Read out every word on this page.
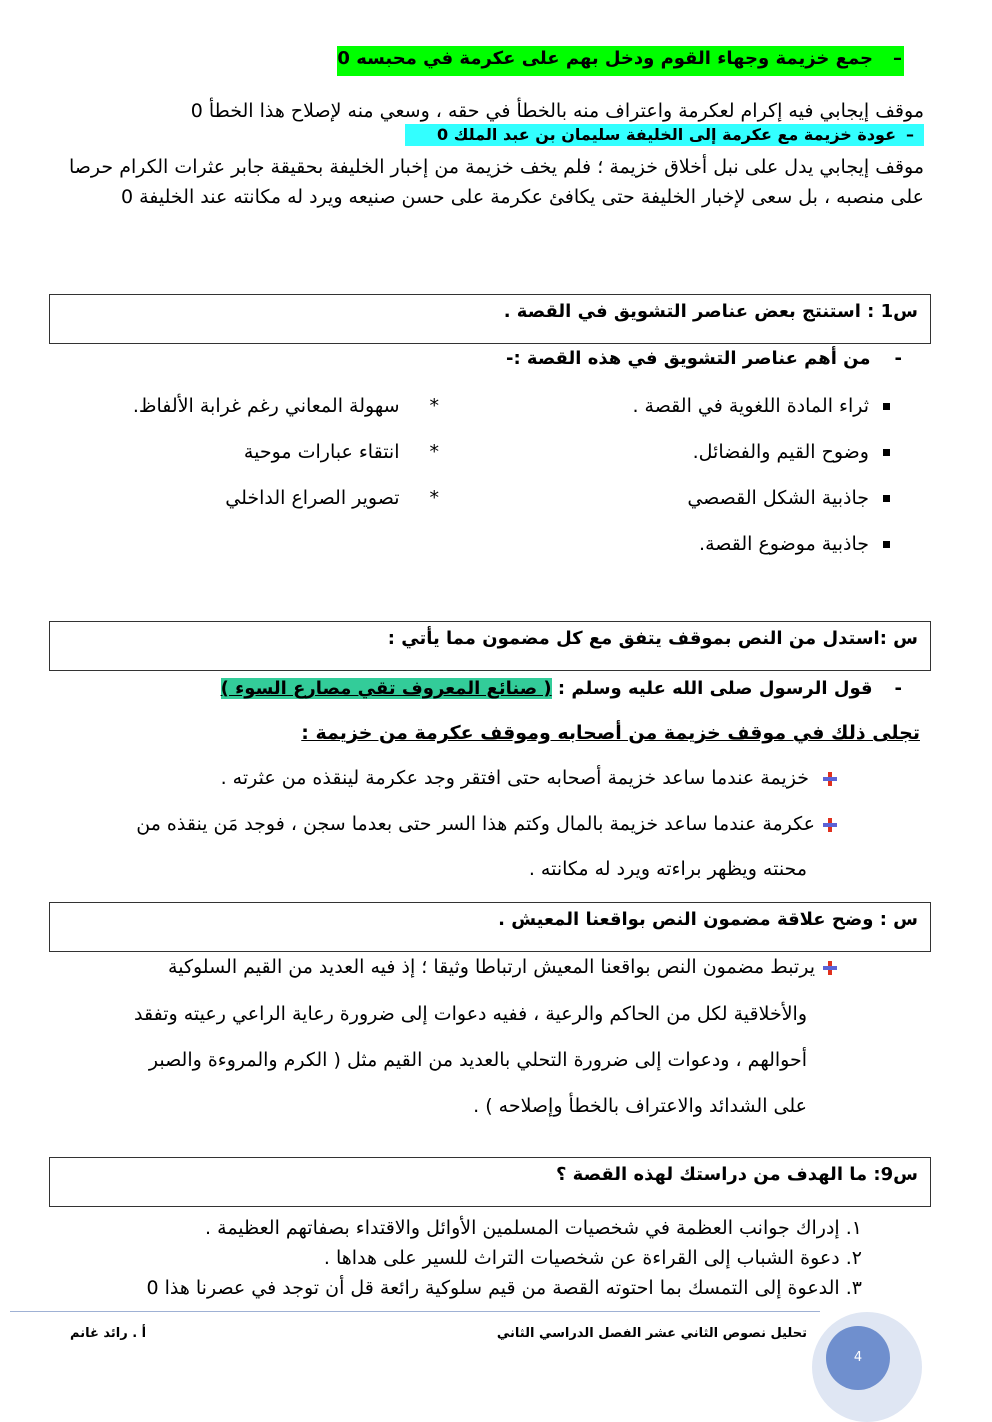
–جمع خزيمة وجهاء القوم ودخل بهم على عكرمة في محبسه 0
موقف إيجابي فيه إكرام لعكرمة واعتراف منه بالخطأ في حقه ، وسعي منه لإصلاح هذا الخطأ 0
–عودة خزيمة مع عكرمة إلى الخليفة سليمان بن عبد الملك 0
موقف إيجابي يدل على نبل أخلاق خزيمة ؛ فلم يخف خزيمة من إخبار الخليفة بحقيقة جابر عثرات الكرام حرصا على منصبه ، بل سعى لإخبار الخليفة حتى يكافئ عكرمة على حسن صنيعه ويرد له مكانته عند الخليفة 0
س1 : استنتج بعض عناصر التشويق في القصة .
-من أهم عناصر التشويق في هذه القصة :-
ثراء المادة اللغوية في القصة .
وضوح القيم والفضائل.
جاذبية الشكل القصصي
جاذبية موضوع القصة.
*سهولة المعاني رغم غرابة الألفاظ.
*انتقاء عبارات موحية
*تصوير الصراع الداخلي
س :استدل من النص بموقف يتفق مع كل مضمون مما يأتي :
-قول الرسول صلى الله عليه وسلم : ( صنائع المعروف تقي مصارع السوء )
تجلى ذلك في موقف خزيمة من أصحابه وموقف عكرمة من خزيمة :
خزيمة عندما ساعد خزيمة أصحابه حتى افتقر وجد عكرمة لينقذه من عثرته .
عكرمة عندما ساعد خزيمة بالمال وكتم هذا السر حتى بعدما سجن ، فوجد مَن ينقذه من
محنته ويظهر براءته ويرد له مكانته .
س : وضح علاقة مضمون النص بواقعنا المعيش .
يرتبط مضمون النص بواقعنا المعيش ارتباطا وثيقا ؛ إذ فيه العديد من القيم السلوكية
والأخلاقية لكل من الحاكم والرعية ، ففيه دعوات إلى ضرورة رعاية الراعي رعيته وتفقد
أحوالهم ، ودعوات إلى ضرورة التحلي بالعديد من القيم مثل ( الكرم والمروءة والصبر
على الشدائد والاعتراف بالخطأ وإصلاحه ) .
س9: ما الهدف من دراستك لهذه القصة ؟
١. إدراك جوانب العظمة في شخصيات المسلمين الأوائل والاقتداء بصفاتهم العظيمة .
٢. دعوة الشباب إلى القراءة عن شخصيات التراث للسير على هداها .
٣. الدعوة إلى التمسك بما احتوته القصة من قيم سلوكية رائعة قل أن توجد في عصرنا هذا 0
تحليل نصوص الثاني عشر الفصل الدراسي الثاني
أ . رائد غانم
4
